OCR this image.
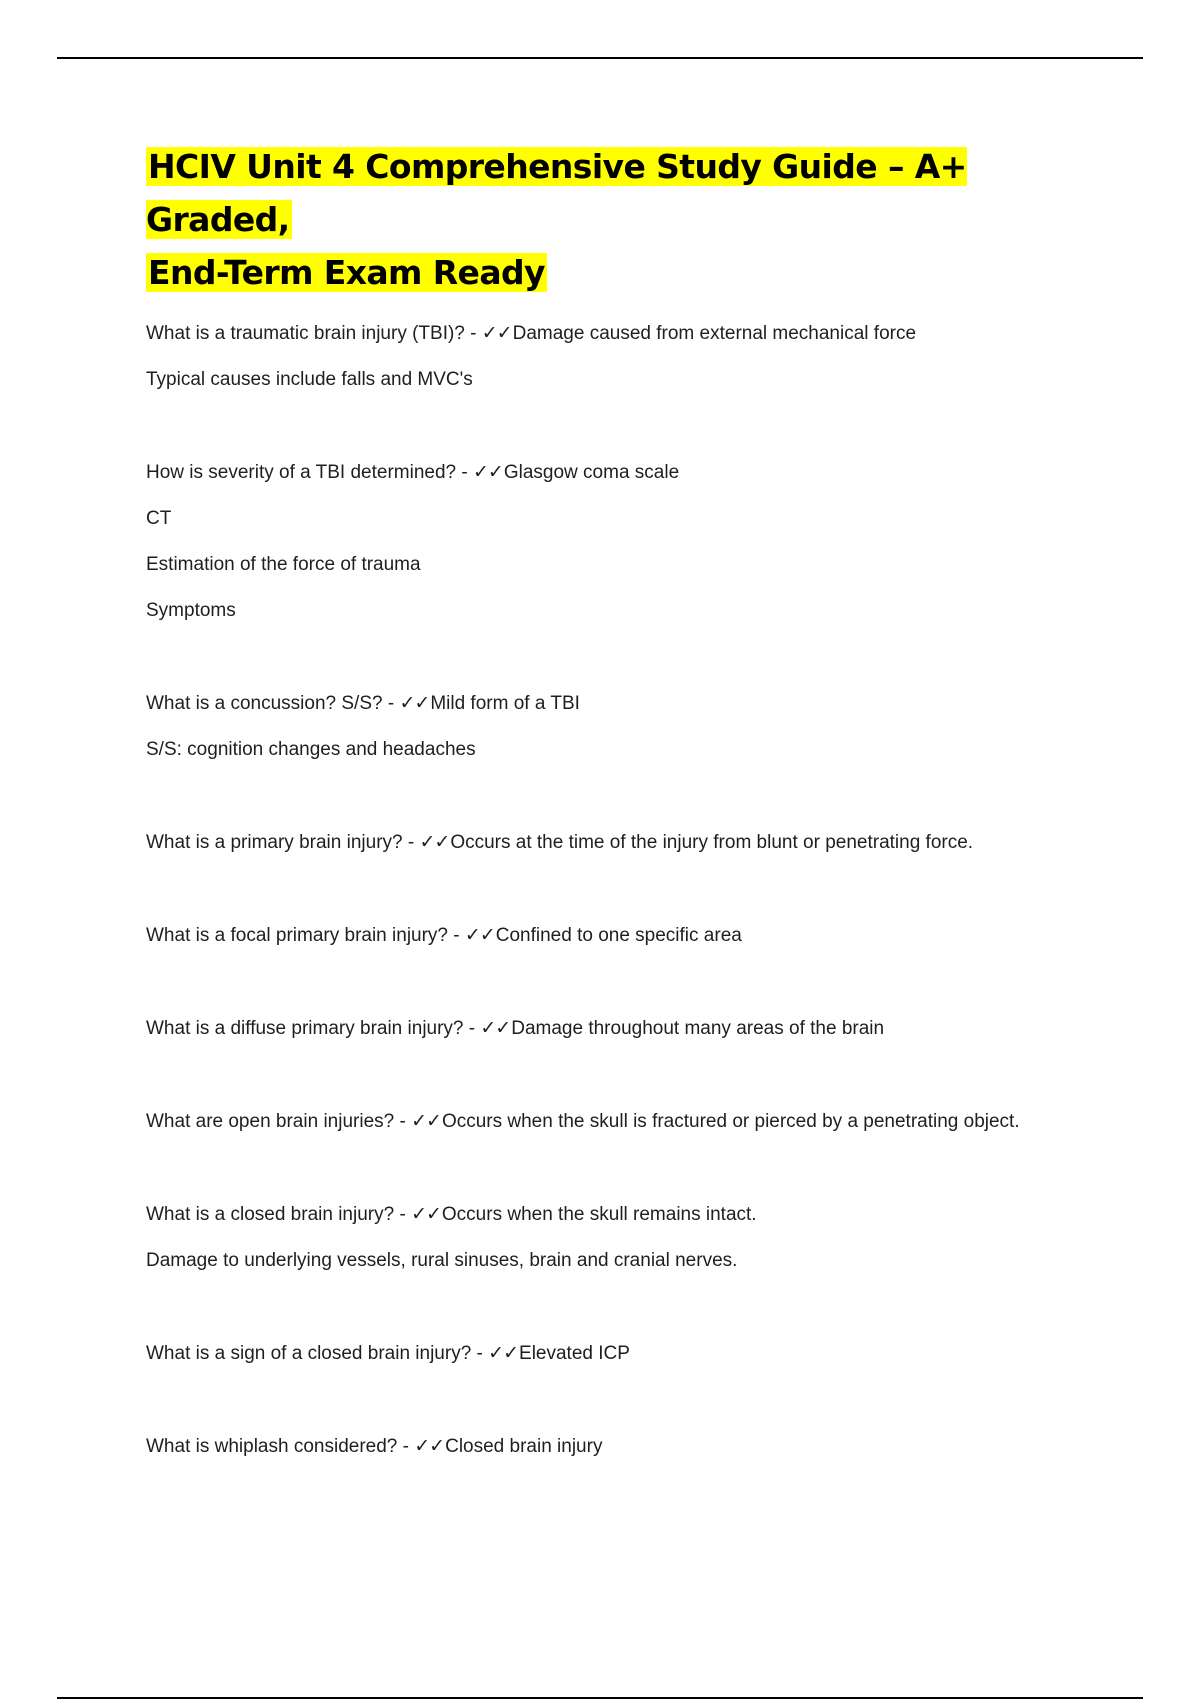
HCIV Unit 4 Comprehensive Study Guide – A+ Graded,
End-Term Exam Ready

What is a traumatic brain injury (TBI)? - ✓✓Damage caused from external mechanical force

Typical causes include falls and MVC's

How is severity of a TBI determined? - ✓✓Glasgow coma scale

CT

Estimation of the force of trauma

Symptoms

What is a concussion? S/S? - ✓✓Mild form of a TBI

S/S: cognition changes and headaches

What is a primary brain injury? - ✓✓Occurs at the time of the injury from blunt or penetrating force.

What is a focal primary brain injury? - ✓✓Confined to one specific area

What is a diffuse primary brain injury? - ✓✓Damage throughout many areas of the brain

What are open brain injuries? - ✓✓Occurs when the skull is fractured or pierced by a penetrating object.

What is a closed brain injury? - ✓✓Occurs when the skull remains intact.

Damage to underlying vessels, rural sinuses, brain and cranial nerves.

What is a sign of a closed brain injury? - ✓✓Elevated ICP

What is whiplash considered? - ✓✓Closed brain injury
